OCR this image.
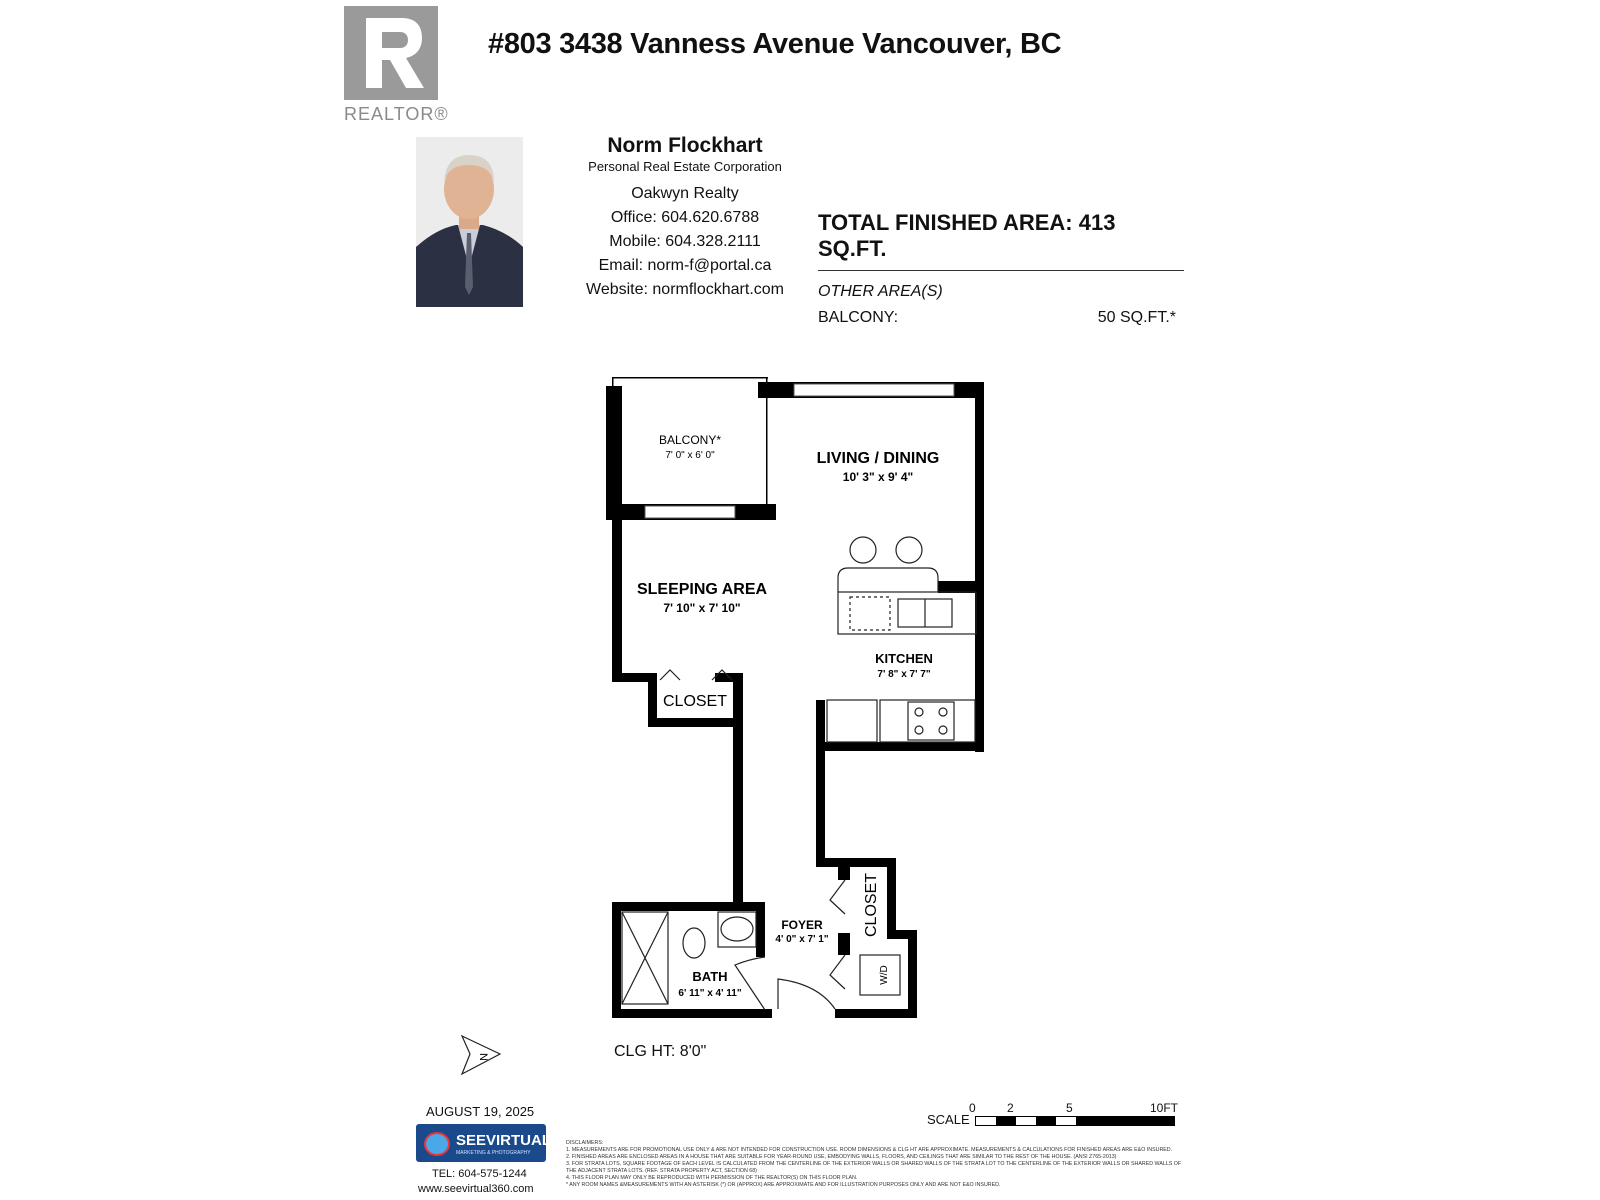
REALTOR®
#803 3438 Vanness Avenue Vancouver, BC
Norm Flockhart
Personal Real Estate Corporation
Oakwyn Realty
Office: 604.620.6788
Mobile: 604.328.2111
Email: norm-f@portal.ca
Website: normflockhart.com
TOTAL FINISHED AREA: 413 SQ.FT.
OTHER AREA(S)
BALCONY:	50 SQ.FT.*
BALCONY*
7' 0" x 6' 0"	LIVING / DINING
10' 3" x 9' 4"
SLEEPING AREA
7' 10" x 7' 10"
KITCHEN
7' 8" x 7' 7"
CLOSET
CLOSET
FOYER
4' 0" x 7' 1"
BATH
6' 11" x 4' 11"
W/D
N	CLG HT: 8'0"
SCALE
0	2	5	10FT
AUGUST 19, 2025
SEEVIRTUAL
MARKETING & PHOTOGRAPHY
TEL: 604-575-1244
www.seevirtual360.com
DISCLAIMERS:
1. MEASUREMENTS ARE FOR PROMOTIONAL USE ONLY & ARE NOT INTENDED FOR CONSTRUCTION USE. ROOM DIMENSIONS & CLG HT ARE APPROXIMATE. MEASUREMENTS & CALCULATIONS FOR FINISHED AREAS ARE E&O INSURED.
2. FINISHED AREAS ARE ENCLOSED AREAS IN A HOUSE THAT ARE SUITABLE FOR YEAR-ROUND USE, EMBODYING WALLS, FLOORS, AND CEILINGS THAT ARE SIMILAR TO THE REST OF THE HOUSE. (ANSI Z765-2013)
3. FOR STRATA LOTS, SQUARE FOOTAGE OF EACH LEVEL IS CALCULATED FROM THE CENTERLINE OF THE EXTERIOR WALLS OR SHARED WALLS OF THE STRATA LOT TO THE CENTERLINE OF THE EXTERIOR WALLS OR SHARED WALLS OF THE ADJACENT STRATA LOTS. (REF. STRATA PROPERTY ACT, SECTION 68)
4. THIS FLOOR PLAN MAY ONLY BE REPRODUCED WITH PERMISSION OF THE REALTOR(S) ON THIS FLOOR PLAN.
* ANY ROOM NAMES &MEASUREMENTS WITH AN ASTERISK (*) OR (APPROX) ARE APPROXIMATE AND FOR ILLUSTRATION PURPOSES ONLY AND ARE NOT E&O INSURED.
